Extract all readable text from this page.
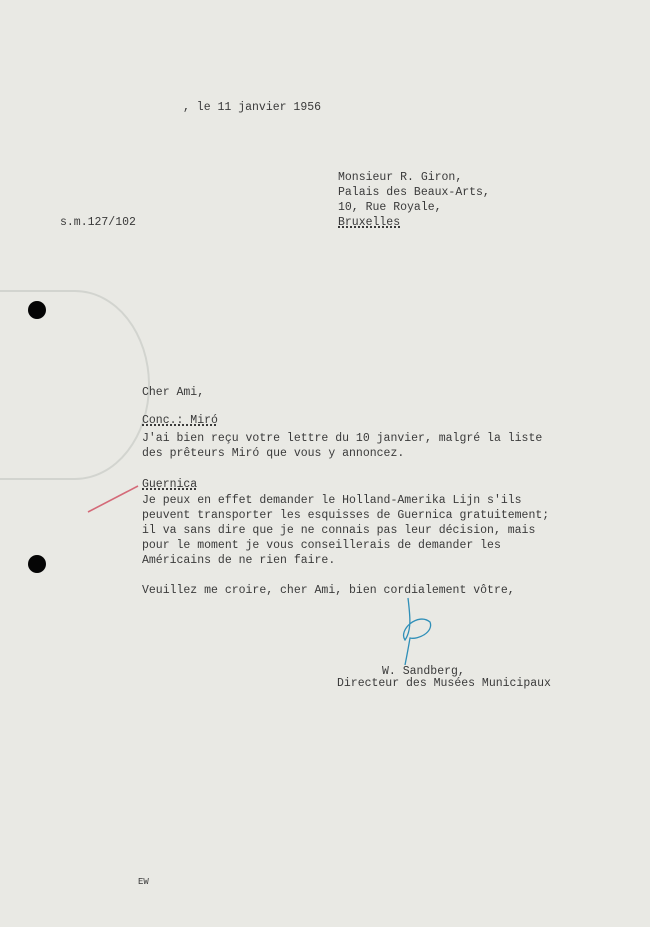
, le 11 janvier 1956
s.m.127/102
Monsieur R. Giron,
Palais des Beaux-Arts,
10, Rue Royale,
Bruxelles
Cher Ami,
Conc.: Miró
J'ai bien reçu votre lettre du 10 janvier, malgré la liste
des prêteurs Miró que vous y annoncez.
Guernica
Je peux en effet demander le Holland-Amerika Lijn s'ils
peuvent transporter les esquisses de Guernica gratuitement;
il va sans dire que je ne connais pas leur décision, mais
pour le moment je vous conseillerais de demander les
Américains de ne rien faire.
Veuillez me croire, cher Ami, bien cordialement vôtre,
W. Sandberg,
Directeur des Musées Municipaux
EW
